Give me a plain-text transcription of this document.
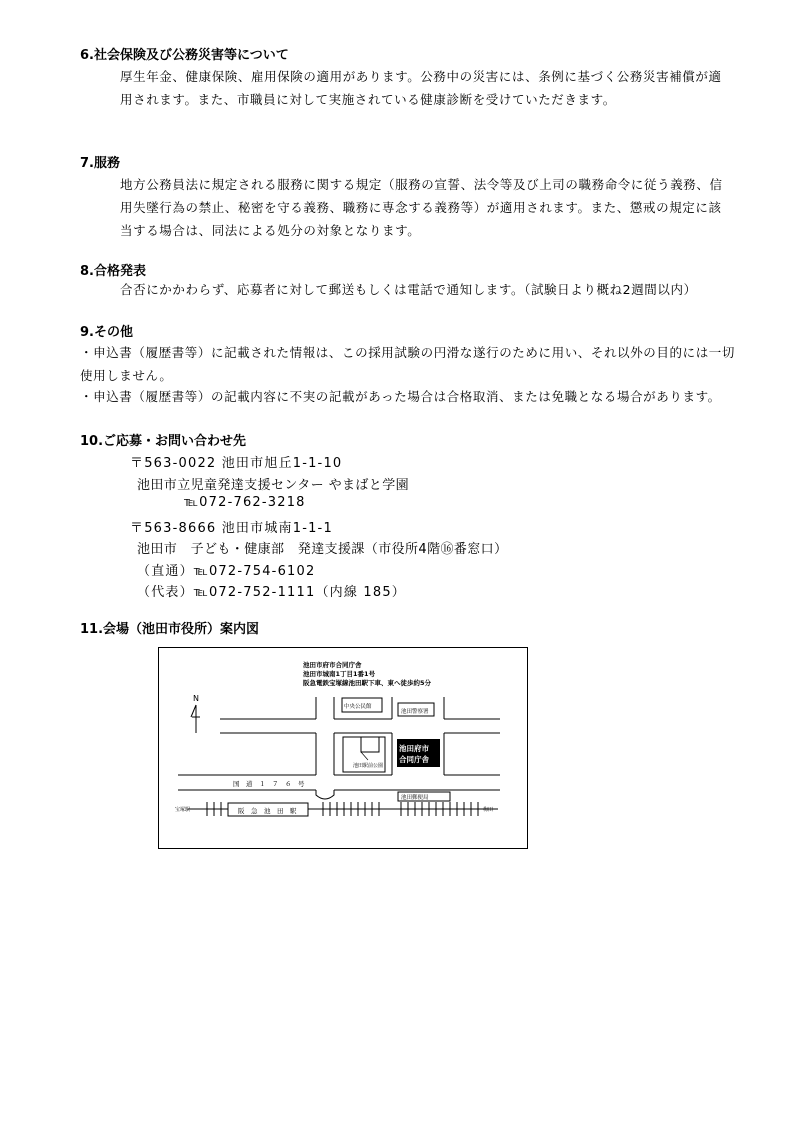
6.社会保険及び公務災害等について
厚生年金、健康保険、雇用保険の適用があります。公務中の災害には、条例に基づく公務災害補償が適用されます。また、市職員に対して実施されている健康診断を受けていただきます。
7.服務
地方公務員法に規定される服務に関する規定（服務の宣誓、法令等及び上司の職務命令に従う義務、信用失墜行為の禁止、秘密を守る義務、職務に専念する義務等）が適用されます。また、懲戒の規定に該当する場合は、同法による処分の対象となります。
8.合格発表
合否にかかわらず、応募者に対して郵送もしくは電話で通知します。（試験日より概ね2週間以内）
9.その他
・申込書（履歴書等）に記載された情報は、この採用試験の円滑な遂行のために用い、それ以外の目的には一切使用しません。
・申込書（履歴書等）の記載内容に不実の記載があった場合は合格取消、または免職となる場合があります。
10.ご応募・お問い合わせ先
〒563-0022 池田市旭丘1-1-10
池田市立児童発達支援センター やまばと学園
℡072-762-3218
〒563-8666 池田市城南1-1-1
池田市　子ども・健康部　発達支援課（市役所4階⑯番窓口）
（直通）℡072-754-6102
（代表）℡072-752-1111（内線 185）
11.会場（池田市役所）案内図
池田市府市合同庁舎
池田市城南1丁目1番1号
阪急電鉄宝塚線池田駅下車、東へ徒歩約5分
N
中央公民館
池田警察署
池田駅前公園
池田府市
合同庁舎
国　道　１　７　６　号
阪　急　池　田　駅
池田郵便局
宝塚駅	梅田
